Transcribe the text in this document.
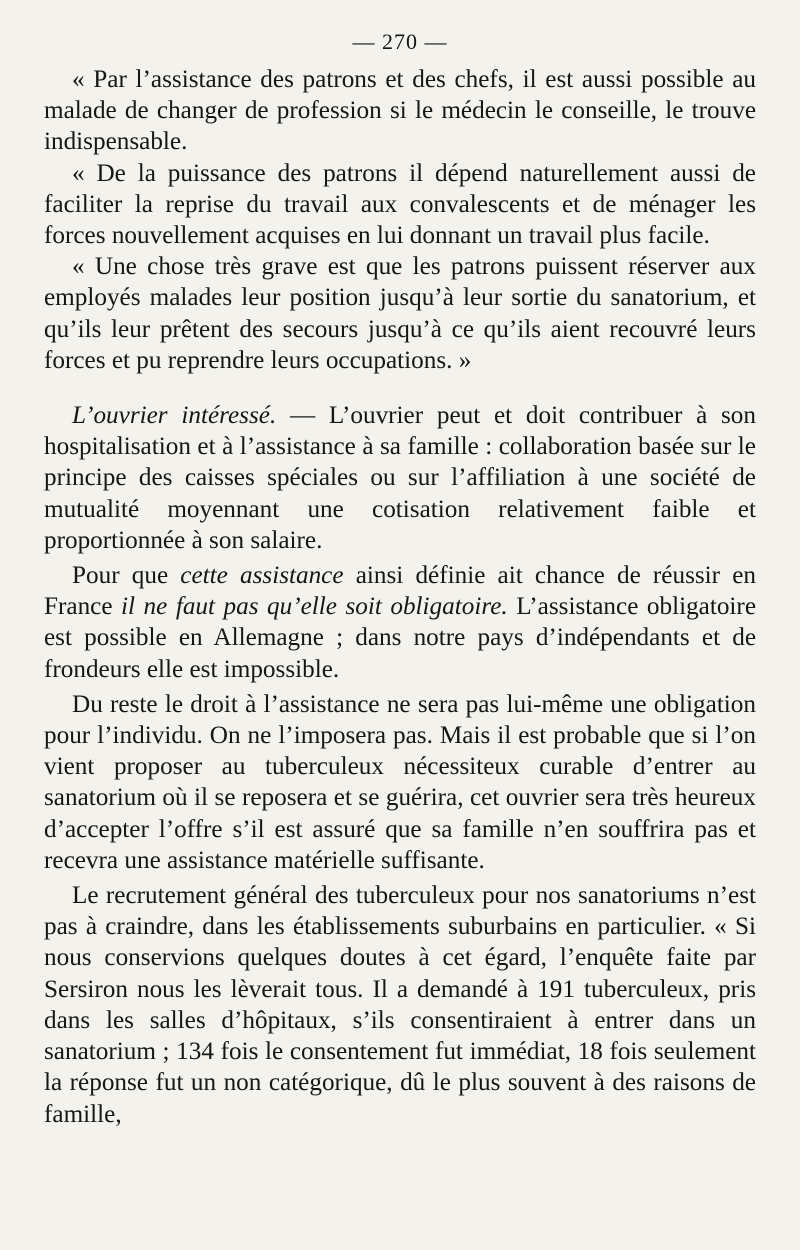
— 270 —

« Par l’assistance des patrons et des chefs, il est aussi possible au malade de changer de profession si le médecin le conseille, le trouve indispensable.

« De la puissance des patrons il dépend naturellement aussi de faciliter la reprise du travail aux convalescents et de ménager les forces nouvellement acquises en lui donnant un travail plus facile.

« Une chose très grave est que les patrons puissent réserver aux employés malades leur position jusqu’à leur sortie du sanatorium, et qu’ils leur prêtent des secours jusqu’à ce qu’ils aient recouvré leurs forces et pu reprendre leurs occupations. »

L’ouvrier intéressé. — L’ouvrier peut et doit contribuer à son hospitalisation et à l’assistance à sa famille : collaboration basée sur le principe des caisses spéciales ou sur l’affiliation à une société de mutualité moyennant une cotisation relativement faible et proportionnée à son salaire.

Pour que cette assistance ainsi définie ait chance de réussir en France il ne faut pas qu’elle soit obligatoire. L’assistance obligatoire est possible en Allemagne ; dans notre pays d’indépendants et de frondeurs elle est impossible.

Du reste le droit à l’assistance ne sera pas lui-même une obligation pour l’individu. On ne l’imposera pas. Mais il est probable que si l’on vient proposer au tuberculeux nécessiteux curable d’entrer au sanatorium où il se reposera et se guérira, cet ouvrier sera très heureux d’accepter l’offre s’il est assuré que sa famille n’en souffrira pas et recevra une assistance matérielle suffisante.

Le recrutement général des tuberculeux pour nos sanatoriums n’est pas à craindre, dans les établissements suburbains en particulier. « Si nous conservions quelques doutes à cet égard, l’enquête faite par Sersiron nous les lèverait tous. Il a demandé à 191 tuberculeux, pris dans les salles d’hôpitaux, s’ils consentiraient à entrer dans un sanatorium ; 134 fois le consentement fut immédiat, 18 fois seulement la réponse fut un non catégorique, dû le plus souvent à des raisons de famille,
